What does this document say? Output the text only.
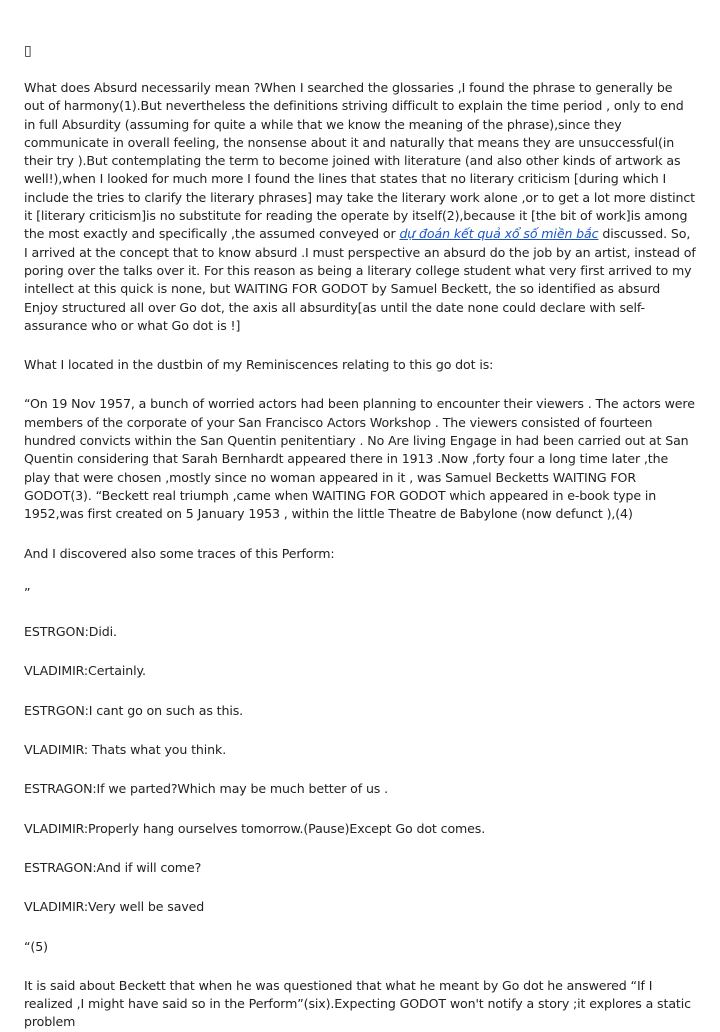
▯

What does Absurd necessarily mean ?When I searched the glossaries ,I found the phrase to generally be out of harmony(1).But nevertheless the definitions striving difficult to explain the time period , only to end in full Absurdity (assuming for quite a while that we know the meaning of the phrase),since they communicate in overall feeling, the nonsense about it and naturally that means they are unsuccessful(in their try ).But contemplating the term to become joined with literature (and also other kinds of artwork as well!),when I looked for much more I found the lines that states that no literary criticism [during which I include the tries to clarify the literary phrases] may take the literary work alone ,or to get a lot more distinct it [literary criticism]is no substitute for reading the operate by itself(2),because it [the bit of work]is among the most exactly and specifically ,the assumed conveyed or dự đoán kết quả xổ số miền bắc discussed. So, I arrived at the concept that to know absurd .I must perspective an absurd do the job by an artist, instead of poring over the talks over it. For this reason as being a literary college student what very first arrived to my intellect at this quick is none, but WAITING FOR GODOT by Samuel Beckett, the so identified as absurd Enjoy structured all over Go dot, the axis all absurdity[as until the date none could declare with self-assurance who or what Go dot is !]

What I located in the dustbin of my Reminiscences relating to this go dot is:

“On 19 Nov 1957, a bunch of worried actors had been planning to encounter their viewers . The actors were members of the corporate of your San Francisco Actors Workshop . The viewers consisted of fourteen hundred convicts within the San Quentin penitentiary . No Are living Engage in had been carried out at San Quentin considering that Sarah Bernhardt appeared there in 1913 .Now ,forty four a long time later ,the play that were chosen ,mostly since no woman appeared in it , was Samuel Becketts WAITING FOR GODOT(3). “Beckett real triumph ,came when WAITING FOR GODOT which appeared in e-book type in 1952,was first created on 5 January 1953 , within the little Theatre de Babylone (now defunct ),(4)

And I discovered also some traces of this Perform:

”

ESTRGON:Didi.

VLADIMIR:Certainly.

ESTRGON:I cant go on such as this.

VLADIMIR: Thats what you think.

ESTRAGON:If we parted?Which may be much better of us .

VLADIMIR:Properly hang ourselves tomorrow.(Pause)Except Go dot comes.

ESTRAGON:And if will come?

VLADIMIR:Very well be saved

“(5)

It is said about Beckett that when he was questioned that what he meant by Go dot he answered “If I realized ,I might have said so in the Perform”(six).Expecting GODOT won't notify a story ;it explores a static problem
